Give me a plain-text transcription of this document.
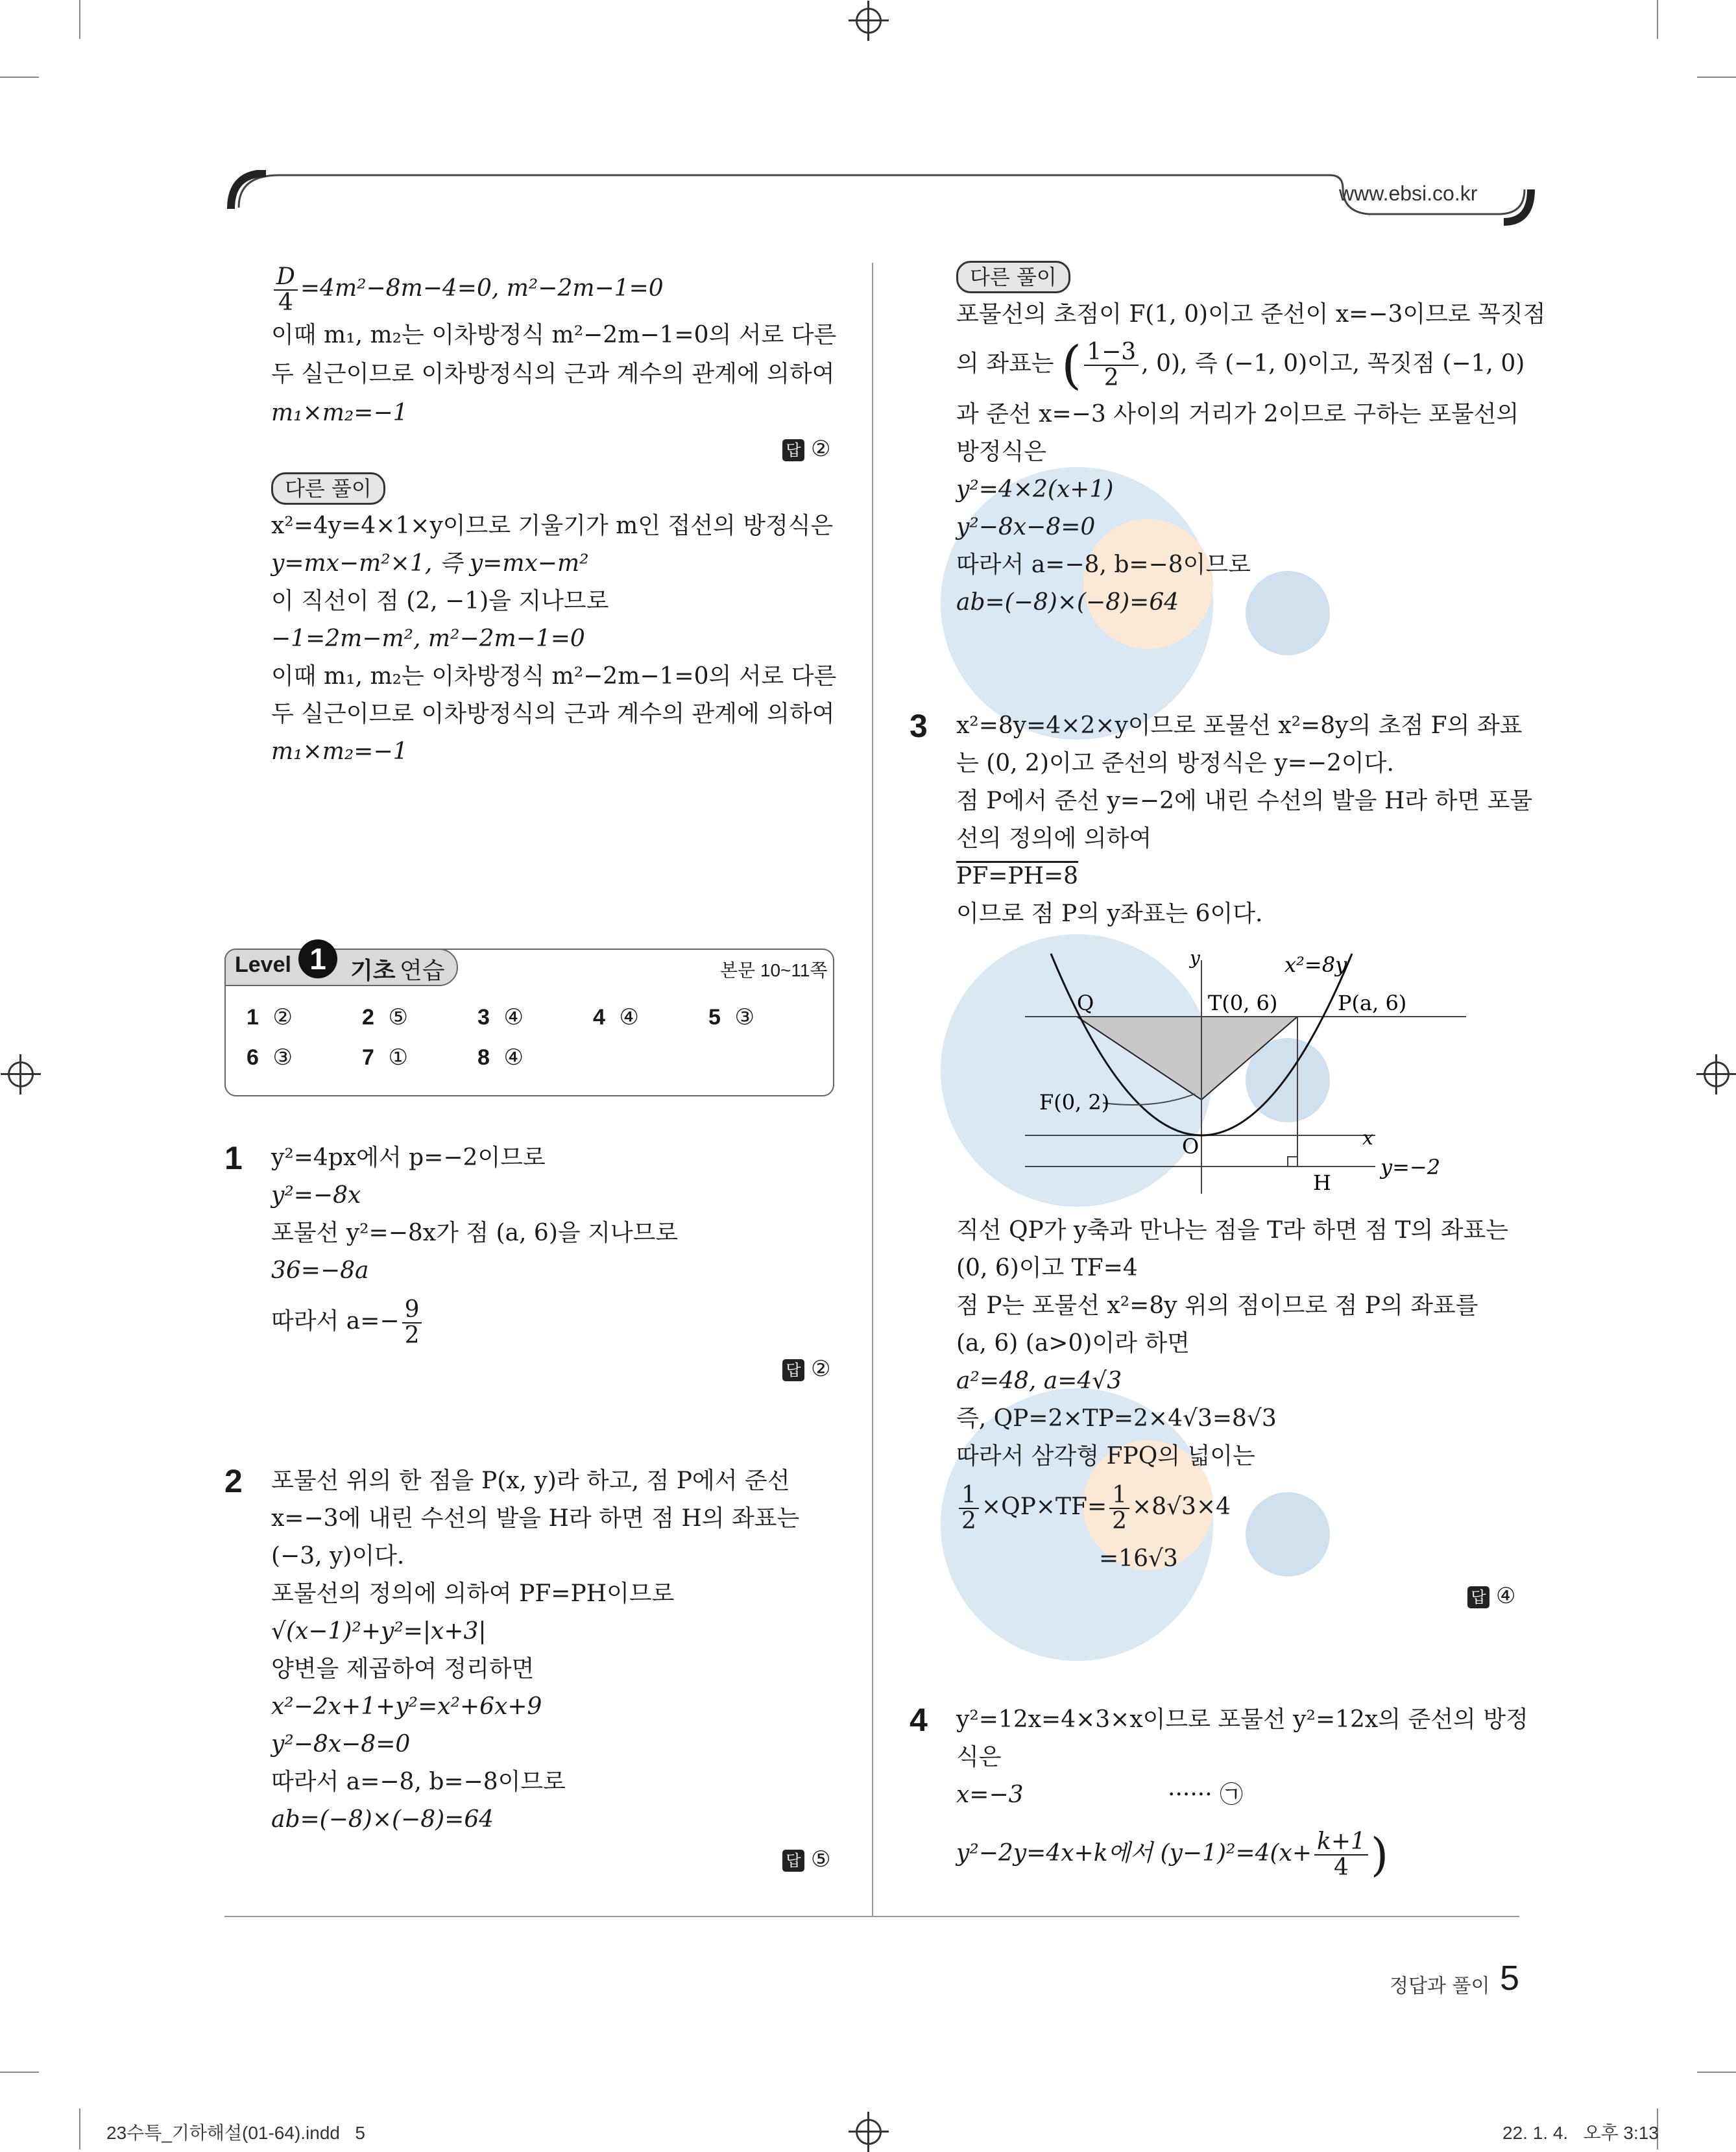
www.ebsi.co.kr
$\frac{D}{4} =4m^2-8m-4=0$, m²−2m−1=0
이때 m₁, m₂는 이차방정식 m²−2m−1=0의 서로 다른
두 실근이므로 이차방정식의 근과 계수의 관계에 의하여
m₁×m₂=−1
답 ②
다른 풀이
x²=4y=4×1×y이므로 기울기가 m인 접선의 방정식은
y=mx−m²×1, 즉 y=mx−m²
이 직선이 점 (2, −1)을 지나므로
−1=2m−m², m²−2m−1=0
이때 m₁, m₂는 이차방정식 m²−2m−1=0의 서로 다른
두 실근이므로 이차방정식의 근과 계수의 관계에 의하여
m₁×m₂=−1
Level 1	기초 연습	본문 10~11쪽
1 ②	2 ⑤	3 ④	4 ④	5 ③
6 ③	7 ①	8 ④
1 y²=4px에서 p=−2이므로
y²=−8x
포물선 y²=−8x가 점 (a, 6)을 지나므로
36=−8a
따라서 $a=- \frac{9}{2}$
답 ②
2 포물선 위의 한 점을 P(x, y)라 하고, 점 P에서 준선
x=−3에 내린 수선의 발을 H라 하면 점 H의 좌표는
(−3, y)이다.
포물선의 정의에 의하여 PF=PH이므로
√(x−1)²+y²=|x+3|
양변을 제곱하여 정리하면
x²−2x+1+y²=x²+6x+9
y²−8x−8=0
따라서 a=−8, b=−8이므로
ab=(−8)×(−8)=64
답 ⑤
다른 풀이
포물선의 초점이 F(1, 0)이고 준선이 x=−3이므로 꼭짓점
의 좌표는 ( $\frac{1-3}{2}$ , 0), 즉 (−1, 0)이고, 꼭짓점 (−1, 0)
과 준선 x=−3 사이의 거리가 2이므로 구하는 포물선의
방정식은
y²=4×2(x+1)
y²−8x−8=0
따라서 a=−8, b=−8이므로
ab=(−8)×(−8)=64
3 x²=8y=4×2×y이므로 포물선 x²=8y의 초점 F의 좌표
는 (0, 2)이고 준선의 방정식은 y=−2이다.
점 P에서 준선 y=−2에 내린 수선의 발을 H라 하면 포물
선의 정의에 의하여
PF=PH=8
이므로 점 P의 y좌표는 6이다.
y
x
O
x²=8y
Q	T(0, 6)	P(a, 6)
F(0, 2)
H
y=−2
직선 QP가 y축과 만나는 점을 T라 하면 점 T의 좌표는
(0, 6)이고 TF=4
점 P는 포물선 x²=8y 위의 점이므로 점 P의 좌표를
(a, 6) (a>0)이라 하면
a²=48, a=4√3
즉, QP=2×TP=2×4√3=8√3
따라서 삼각형 FPQ의 넓이는
$\frac{1}{2} \times QP\times TF= \frac{1}{2} \times 8√3\times 4$
=16√3
답 ④
4 y²=12x=4×3×x이므로 포물선 y²=12x의 준선의 방정
식은
x=−3	······ ㉠
y²−2y=4x+k에서 $(y-1)^2=4(x+ \frac{k+1}{4}$ )
정답과 풀이 5
23수특_기하해설(01-64).indd   5	22. 1. 4.   오후 3:13
